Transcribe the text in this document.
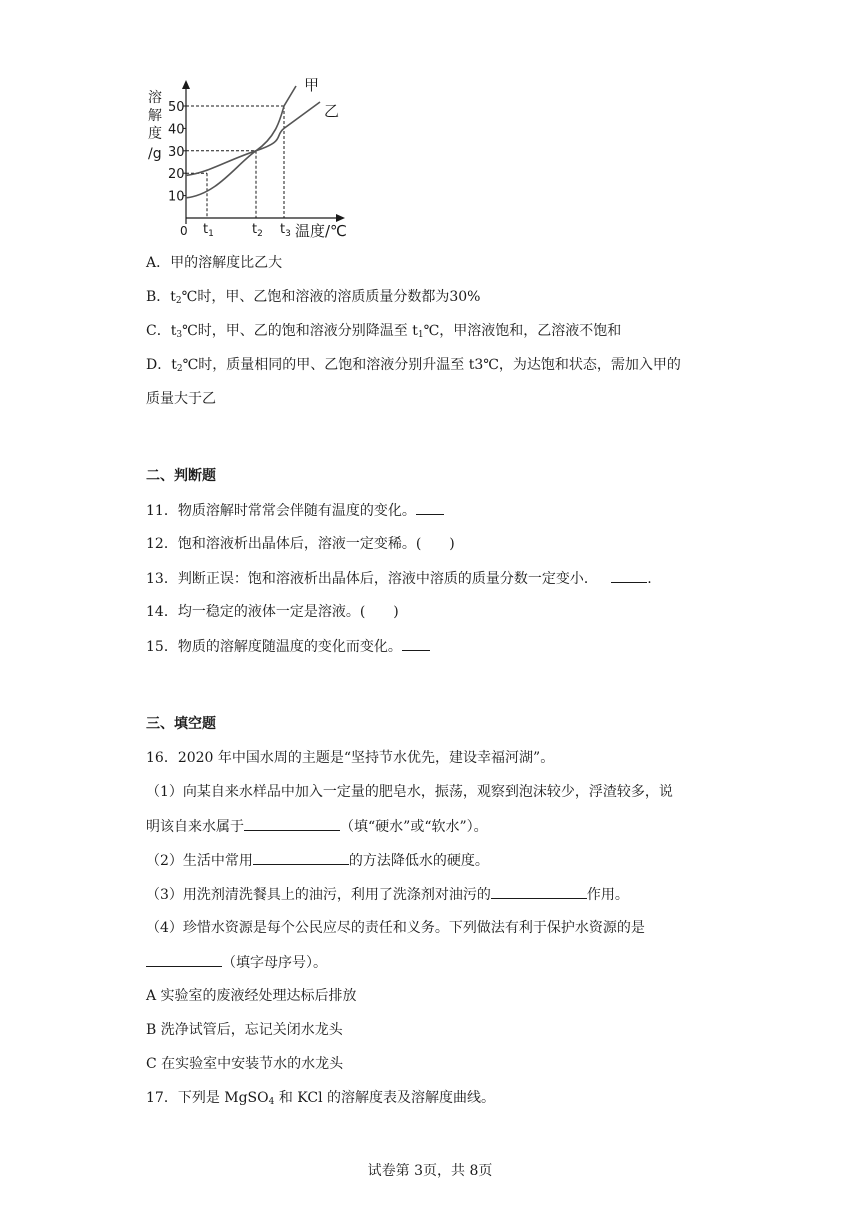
溶
解
度
/g
10
20
30
40
50
$t_1$	$t_2$ $t_3$
甲
乙
温度/℃
0
A．甲的溶解度比乙大
B．$t_2℃$时，甲、乙饱和溶液的溶质质量分数都为30%
C．$t_3℃$时，甲、乙的饱和溶液分别降温至 $t_1℃$，甲溶液饱和，乙溶液不饱和
D．$t_2℃$时，质量相同的甲、乙饱和溶液分别升温至 t3℃，为达饱和状态，需加入甲的
质量大于乙
二、判断题
11．物质溶解时常常会伴随有温度的变化。
12．饱和溶液析出晶体后，溶液一定变稀。(　　)
13．判断正误：饱和溶液析出晶体后，溶液中溶质的质量分数一定变小．	.
14．均一稳定的液体一定是溶液。(　　)
15．物质的溶解度随温度的变化而变化。
三、填空题
16．2020 年中国水周的主题是“坚持节水优先，建设幸福河湖”。
（1）向某自来水样品中加入一定量的肥皂水，振荡，观察到泡沫较少，浮渣较多，说
明该自来水属于	（填“硬水”或“软水”）。
（2）生活中常用	的方法降低水的硬度。
（3）用洗剂清洗餐具上的油污，利用了洗涤剂对油污的	作用。
（4）珍惜水资源是每个公民应尽的责任和义务。下列做法有利于保护水资源的是
（填字母序号）。
A 实验室的废液经处理达标后排放
B 洗净试管后，忘记关闭水龙头
C 在实验室中安装节水的水龙头
17．下列是 MgSO$_4$ 和 KCl 的溶解度表及溶解度曲线。
试卷第 3页，共 8页
